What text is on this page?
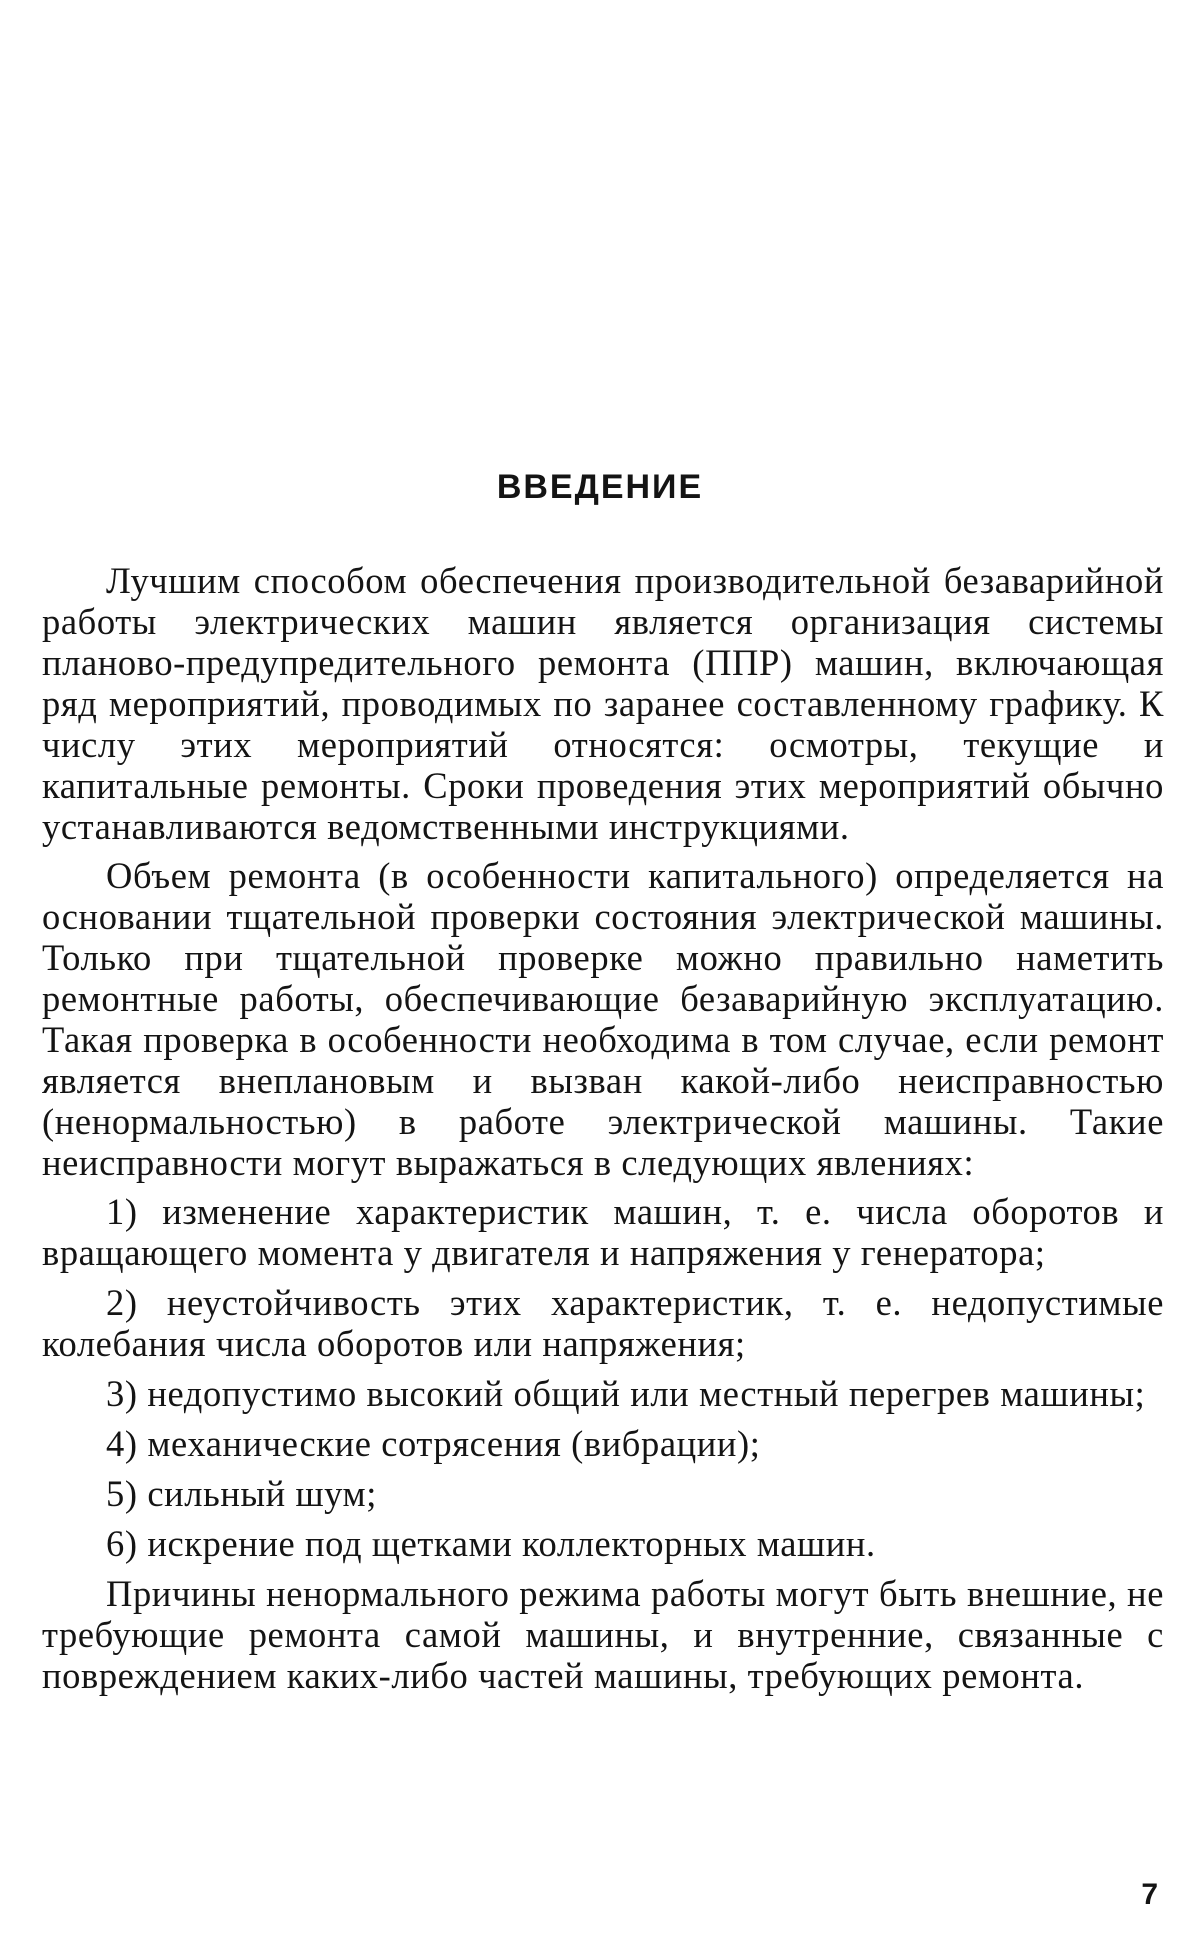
ВВЕДЕНИЕ

Лучшим способом обеспечения производительной безаварийной работы электрических машин является организация системы планово-предупредительного ремонта (ППР) машин, включающая ряд мероприятий, проводимых по заранее составленному графику. К числу этих мероприятий относятся: осмотры, текущие и капитальные ремонты. Сроки проведения этих мероприятий обычно устанавливаются ведомственными инструкциями.

Объем ремонта (в особенности капитального) определяется на основании тщательной проверки состояния электрической машины. Только при тщательной проверке можно правильно наметить ремонтные работы, обеспечивающие безаварийную эксплуатацию. Такая проверка в особенности необходима в том случае, если ремонт является внеплановым и вызван какой-либо неисправностью (ненормальностью) в работе электрической машины. Такие неисправности могут выражаться в следующих явлениях:

1) изменение характеристик машин, т. е. числа оборотов и вращающего момента у двигателя и напряжения у генератора;

2) неустойчивость этих характеристик, т. е. недопустимые колебания числа оборотов или напряжения;

3) недопустимо высокий общий или местный перегрев машины;

4) механические сотрясения (вибрации);

5) сильный шум;

6) искрение под щетками коллекторных машин.

Причины ненормального режима работы могут быть внешние, не требующие ремонта самой машины, и внутренние, связанные с повреждением каких-либо частей машины, требующих ремонта.

7
